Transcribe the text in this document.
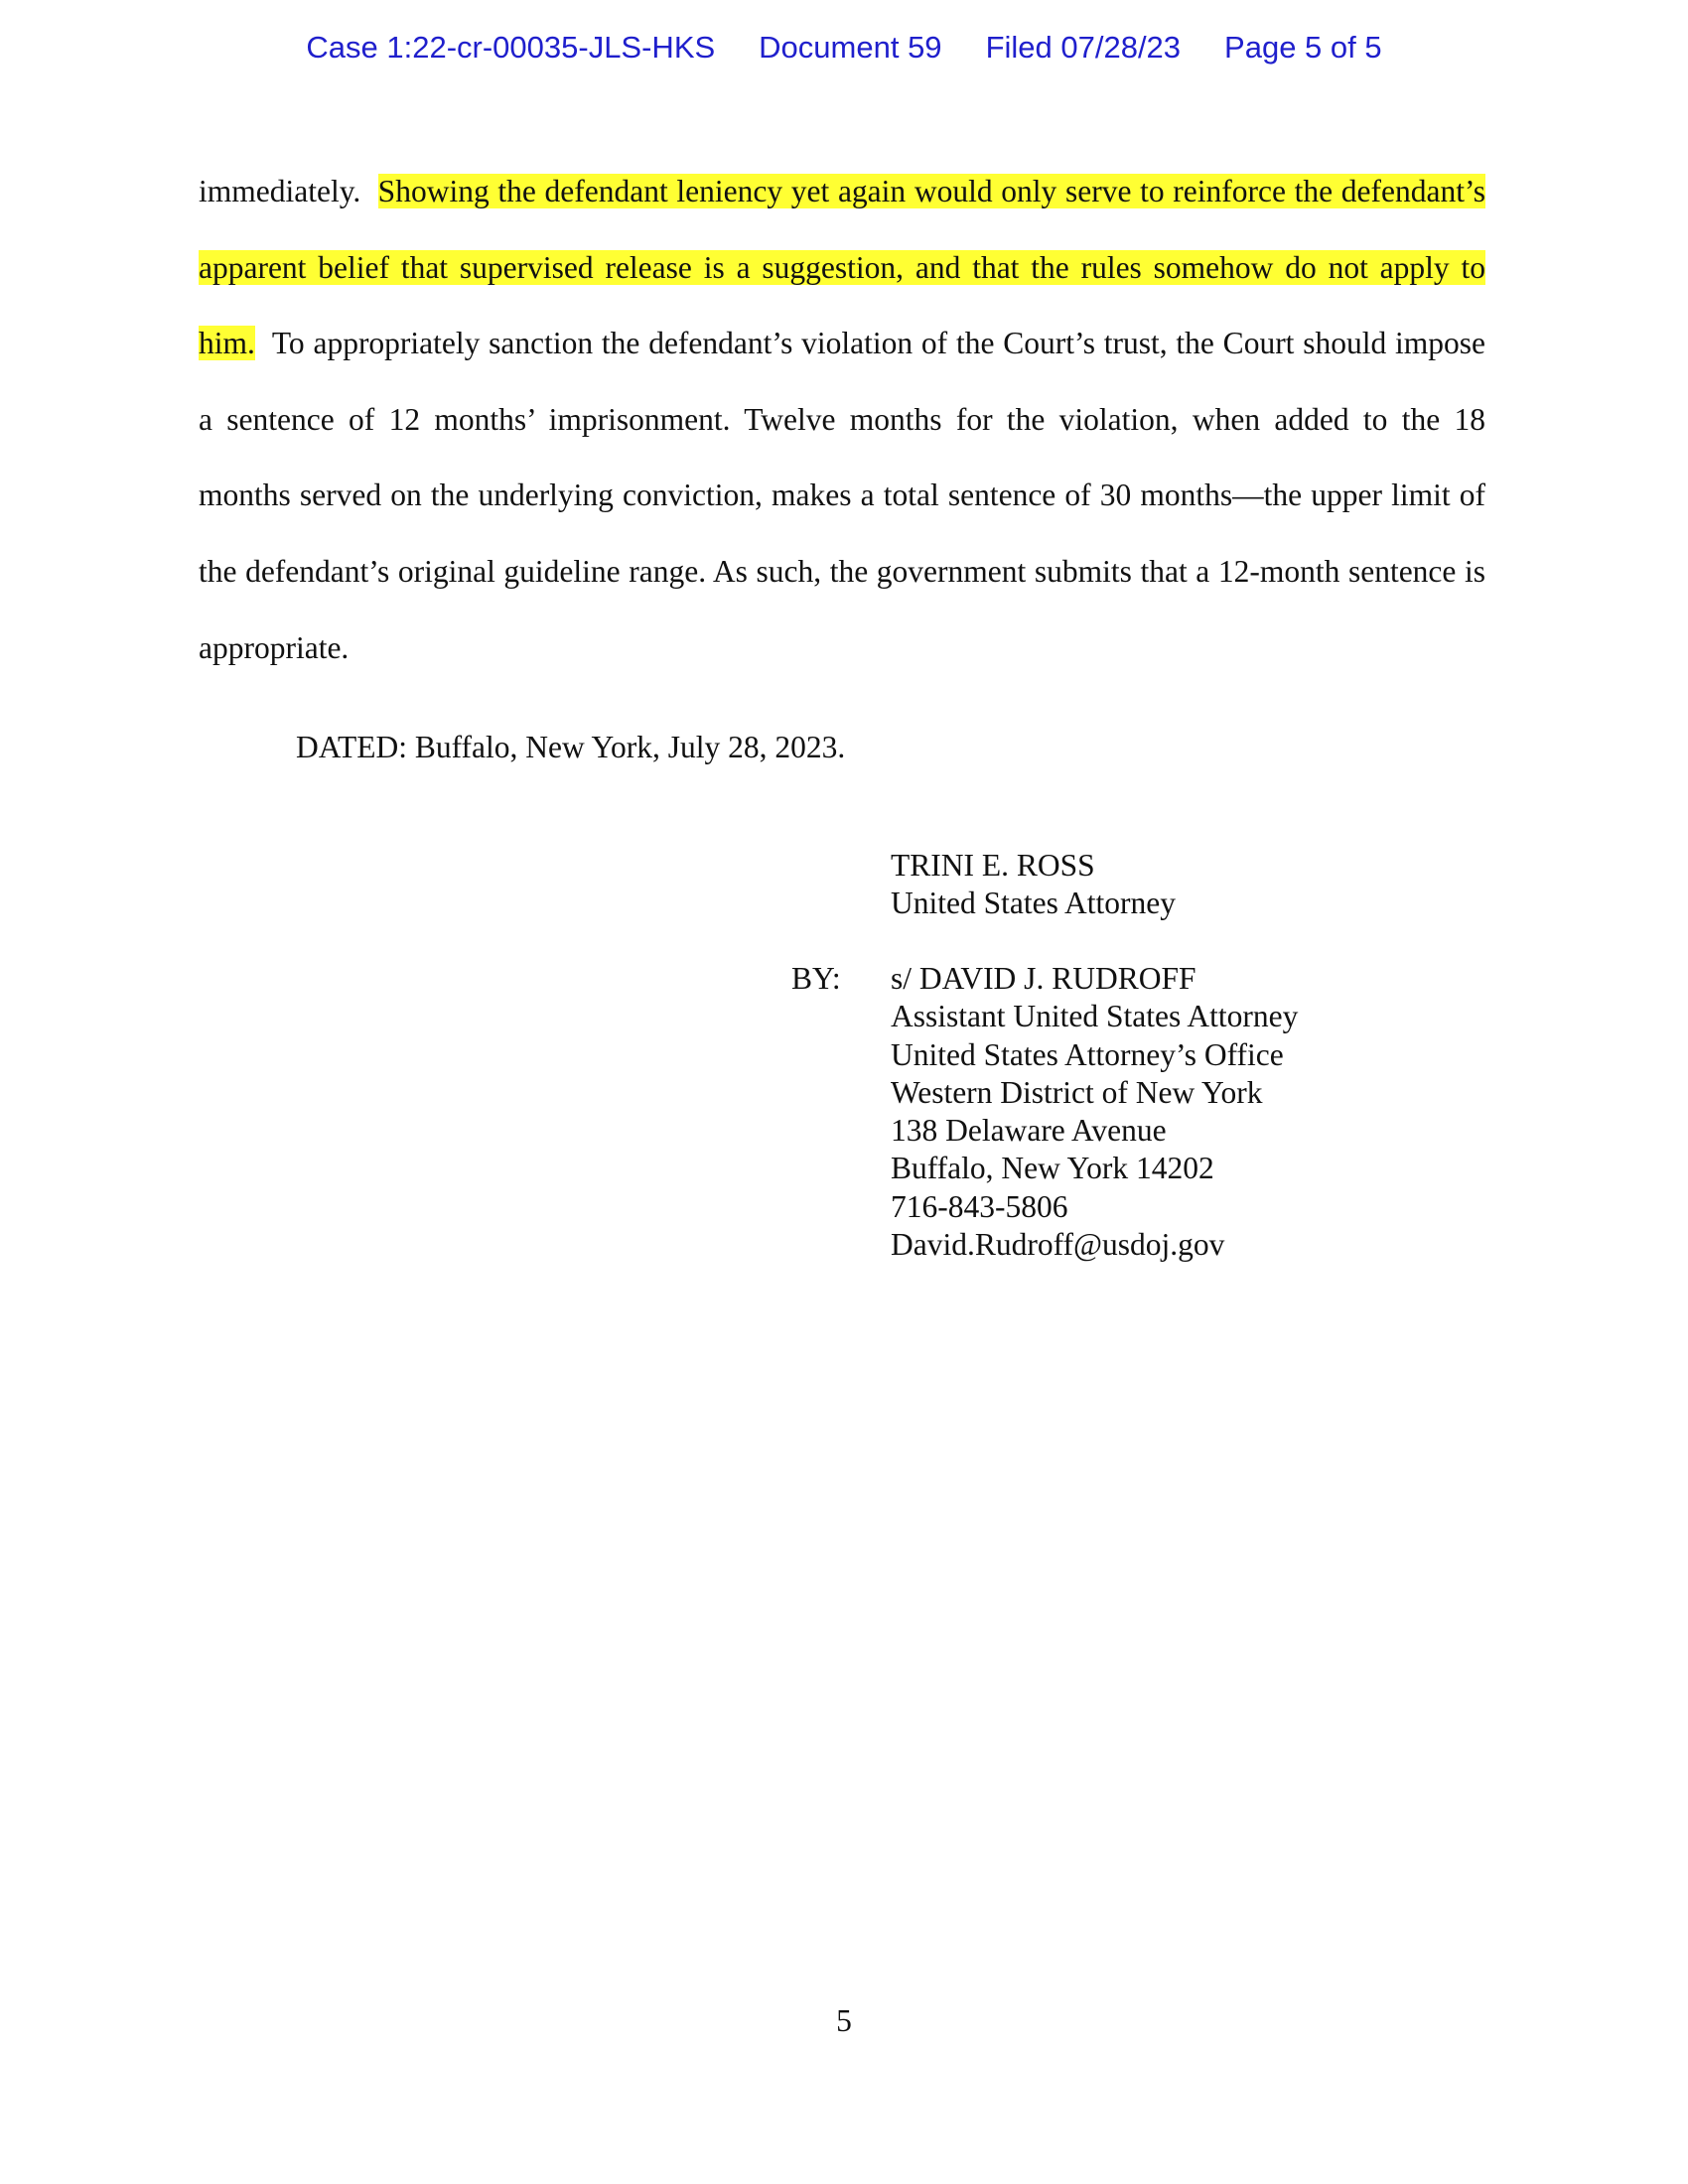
Case 1:22-cr-00035-JLS-HKS Document 59 Filed 07/28/23 Page 5 of 5
immediately. Showing the defendant leniency yet again would only serve to reinforce the defendant’s apparent belief that supervised release is a suggestion, and that the rules somehow do not apply to him. To appropriately sanction the defendant’s violation of the Court’s trust, the Court should impose a sentence of 12 months’ imprisonment. Twelve months for the violation, when added to the 18 months served on the underlying conviction, makes a total sentence of 30 months—the upper limit of the defendant’s original guideline range. As such, the government submits that a 12-month sentence is appropriate.
DATED: Buffalo, New York, July 28, 2023.
TRINI E. ROSS
United States Attorney
BY: s/ DAVID J. RUDROFF
Assistant United States Attorney
United States Attorney’s Office
Western District of New York
138 Delaware Avenue
Buffalo, New York 14202
716-843-5806
David.Rudroff@usdoj.gov
5
